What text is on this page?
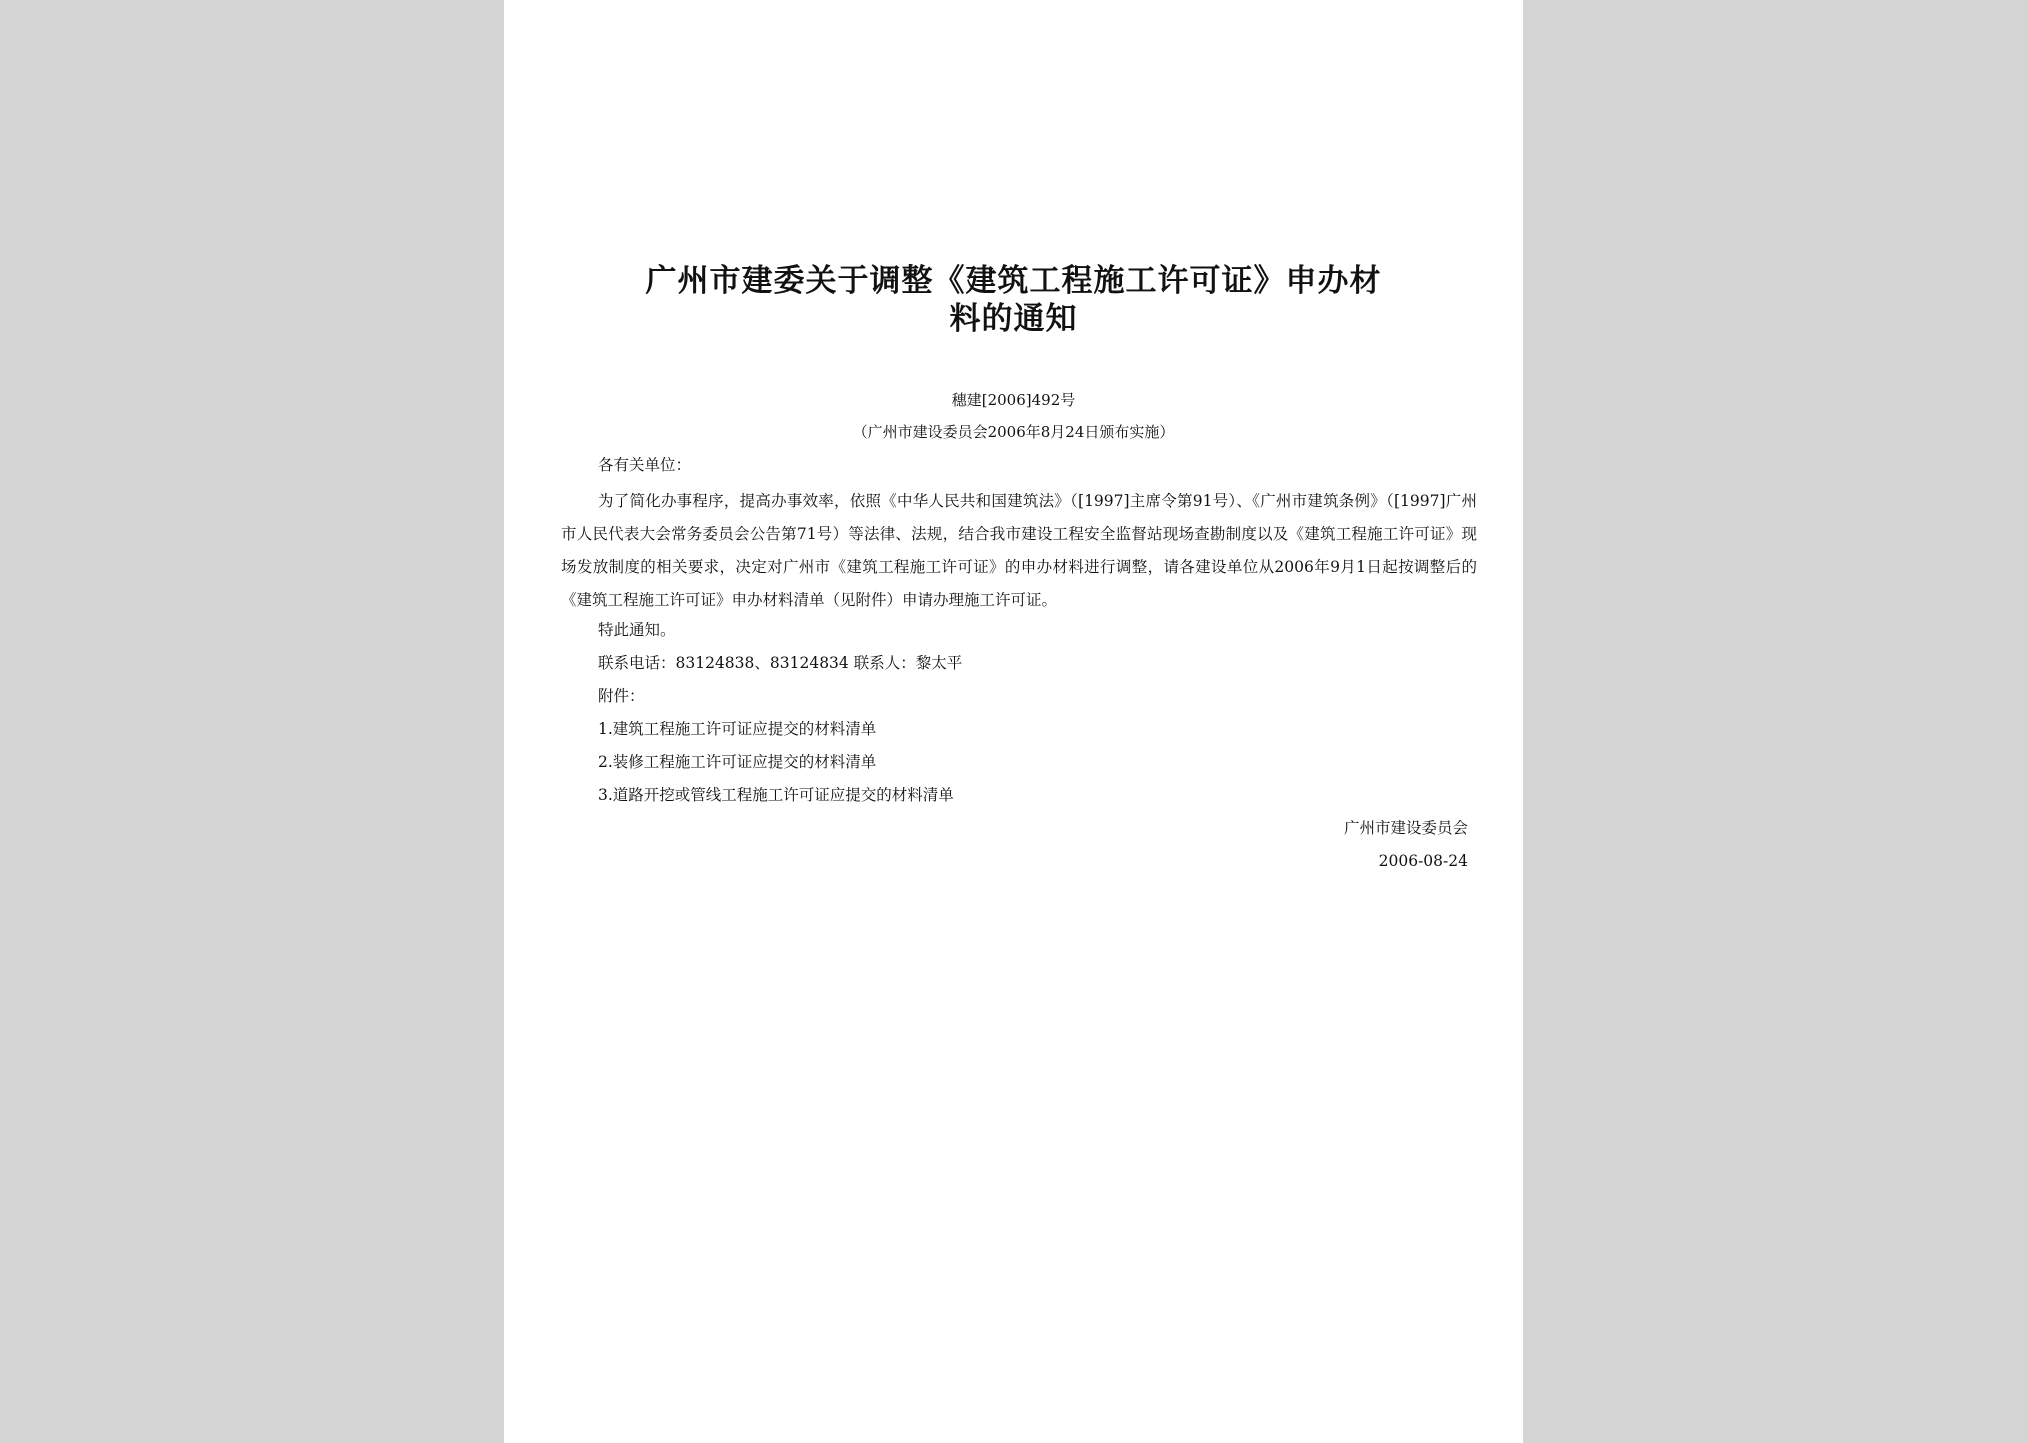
广州市建委关于调整《建筑工程施工许可证》申办材
料的通知
穗建[2006]492号
（广州市建设委员会2006年8月24日颁布实施）
各有关单位：
为了简化办事程序，提高办事效率，依照《中华人民共和国建筑法》（[1997]主席令第91号）、《广州市建筑条例》（[1997]广州市人民代表大会常务委员会公告第71号）等法律、法规，结合我市建设工程安全监督站现场查勘制度以及《建筑工程施工许可证》现场发放制度的相关要求，决定对广州市《建筑工程施工许可证》的申办材料进行调整，请各建设单位从2006年9月1日起按调整后的《建筑工程施工许可证》申办材料清单（见附件）申请办理施工许可证。
特此通知。
联系电话：83124838、83124834 联系人：黎太平
附件：
1.建筑工程施工许可证应提交的材料清单
2.装修工程施工许可证应提交的材料清单
3.道路开挖或管线工程施工许可证应提交的材料清单
广州市建设委员会
2006-08-24
